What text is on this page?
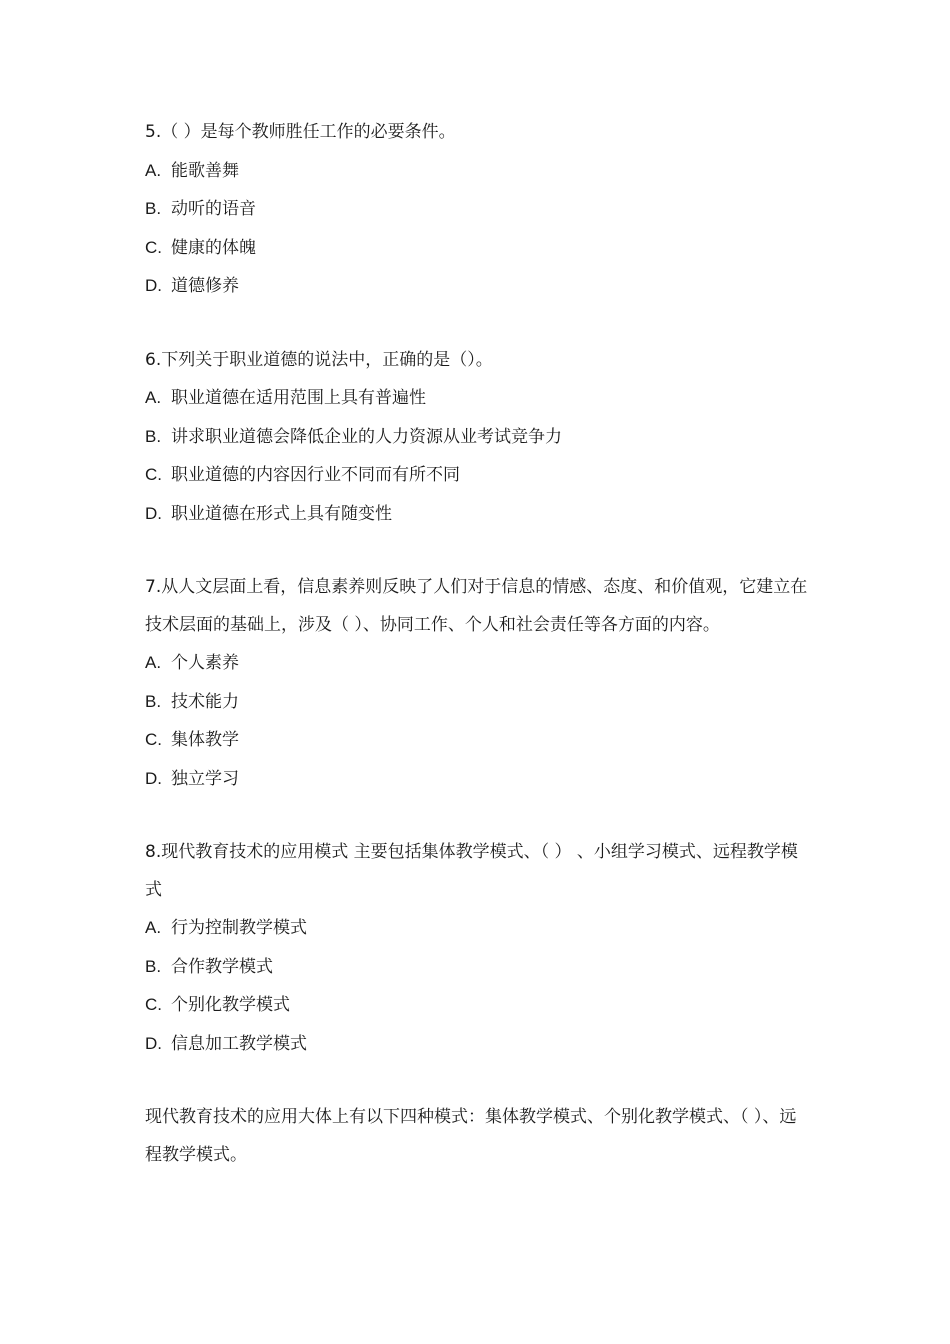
5.（ ）是每个教师胜任工作的必要条件。

A. 能歌善舞

B. 动听的语音

C. 健康的体魄

D. 道德修养

6.下列关于职业道德的说法中，正确的是（）。

A. 职业道德在适用范围上具有普遍性

B. 讲求职业道德会降低企业的人力资源从业考试竞争力

C. 职业道德的内容因行业不同而有所不同

D. 职业道德在形式上具有随变性

7.从人文层面上看，信息素养则反映了人们对于信息的情感、态度、和价值观，它建立在技术层面的基础上，涉及（ ）、协同工作、个人和社会责任等各方面的内容。

A. 个人素养

B. 技术能力

C. 集体教学

D. 独立学习

8.现代教育技术的应用模式 主要包括集体教学模式、（ ） 、小组学习模式、远程教学模式

A. 行为控制教学模式

B. 合作教学模式

C. 个别化教学模式

D. 信息加工教学模式

现代教育技术的应用大体上有以下四种模式：集体教学模式、个别化教学模式、（ ）、远程教学模式。
